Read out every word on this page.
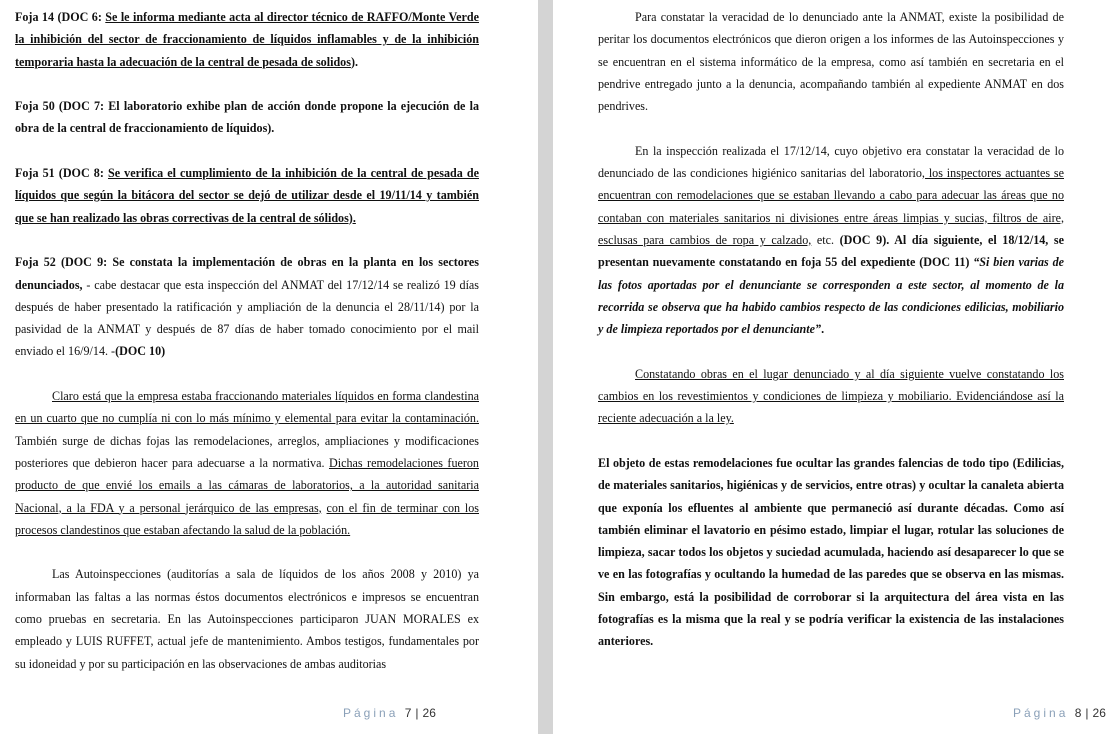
Foja 14 (DOC 6: Se le informa mediante acta al director técnico de RAFFO/Monte Verde la inhibición del sector de fraccionamiento de líquidos inflamables y de la inhibición temporaria hasta la adecuación de la central de pesada de solidos).

Foja 50 (DOC 7: El laboratorio exhibe plan de acción donde propone la ejecución de la obra de la central de fraccionamiento de líquidos).

Foja 51 (DOC 8: Se verifica el cumplimiento de la inhibición de la central de pesada de líquidos que según la bitácora del sector se dejó de utilizar desde el 19/11/14 y también que se han realizado las obras correctivas de la central de sólidos).

Foja 52 (DOC 9: Se constata la implementación de obras en la planta en los sectores denunciados, - cabe destacar que esta inspección del ANMAT del 17/12/14 se realizó 19 días después de haber presentado la ratificación y ampliación de la denuncia el 28/11/14) por la pasividad de la ANMAT y después de 87 días de haber tomado conocimiento por el mail enviado el 16/9/14. -(DOC 10)

Claro está que la empresa estaba fraccionando materiales líquidos en forma clandestina en un cuarto que no cumplía ni con lo más mínimo y elemental para evitar la contaminación. También surge de dichas fojas las remodelaciones, arreglos, ampliaciones y modificaciones posteriores que debieron hacer para adecuarse a la normativa. Dichas remodelaciones fueron producto de que envié los emails a las cámaras de laboratorios, a la autoridad sanitaria Nacional, a la FDA y a personal jerárquico de las empresas, con el fin de terminar con los procesos clandestinos que estaban afectando la salud de la población.

Las Autoinspecciones (auditorías a sala de líquidos de los años 2008 y 2010) ya informaban las faltas a las normas éstos documentos electrónicos e impresos se encuentran como pruebas en secretaria. En las Autoinspecciones participaron JUAN MORALES ex empleado y LUIS RUFFET, actual jefe de mantenimiento. Ambos testigos, fundamentales por su idoneidad y por su participación en las observaciones de ambas auditorias

Página 7 | 26

Para constatar la veracidad de lo denunciado ante la ANMAT, existe la posibilidad de peritar los documentos electrónicos que dieron origen a los informes de las Autoinspecciones y se encuentran en el sistema informático de la empresa, como así también en secretaria en el pendrive entregado junto a la denuncia, acompañando también al expediente ANMAT en dos pendrives.

En la inspección realizada el 17/12/14, cuyo objetivo era constatar la veracidad de lo denunciado de las condiciones higiénico sanitarias del laboratorio, los inspectores actuantes se encuentran con remodelaciones que se estaban llevando a cabo para adecuar las áreas que no contaban con materiales sanitarios ni divisiones entre áreas limpias y sucias, filtros de aire, esclusas para cambios de ropa y calzado, etc. (DOC 9). Al día siguiente, el 18/12/14, se presentan nuevamente constatando en foja 55 del expediente (DOC 11) “Si bien varias de las fotos aportadas por el denunciante se corresponden a este sector, al momento de la recorrida se observa que ha habido cambios respecto de las condiciones edilicias, mobiliario y de limpieza reportados por el denunciante”.

Constatando obras en el lugar denunciado y al día siguiente vuelve constatando los cambios en los revestimientos y condiciones de limpieza y mobiliario. Evidenciándose así la reciente adecuación a la ley.

El objeto de estas remodelaciones fue ocultar las grandes falencias de todo tipo (Edilicias, de materiales sanitarios, higiénicas y de servicios, entre otras) y ocultar la canaleta abierta que exponía los efluentes al ambiente que permaneció así durante décadas. Como así también eliminar el lavatorio en pésimo estado, limpiar el lugar, rotular las soluciones de limpieza, sacar todos los objetos y suciedad acumulada, haciendo así desaparecer lo que se ve en las fotografías y ocultando la humedad de las paredes que se observa en las mismas. Sin embargo, está la posibilidad de corroborar si la arquitectura del área vista en las fotografías es la misma que la real y se podría verificar la existencia de las instalaciones anteriores.

Página 8 | 26
